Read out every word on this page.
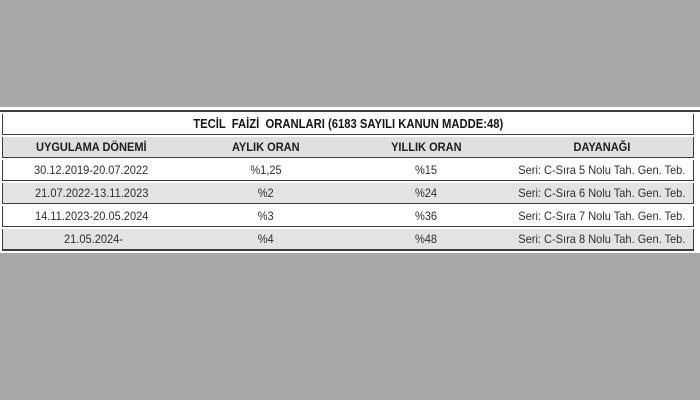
TECİL  FAİZİ  ORANLARI (6183 SAYILI KANUN MADDE:48)			
UYGULAMA DÖNEMİ	AYLIK ORAN	YILLIK ORAN	DAYANAĞI
30.12.2019-20.07.2022	%1,25	%15	Seri: C-Sıra 5 Nolu Tah. Gen. Teb.
21.07.2022-13.11.2023	%2	%24	Seri: C-Sıra 6 Nolu Tah. Gen. Teb.
14.11.2023-20.05.2024	%3	%36	Seri: C-Sıra 7 Nolu Tah. Gen. Teb.
21.05.2024-	%4	%48	Seri: C-Sıra 8 Nolu Tah. Gen. Teb.
